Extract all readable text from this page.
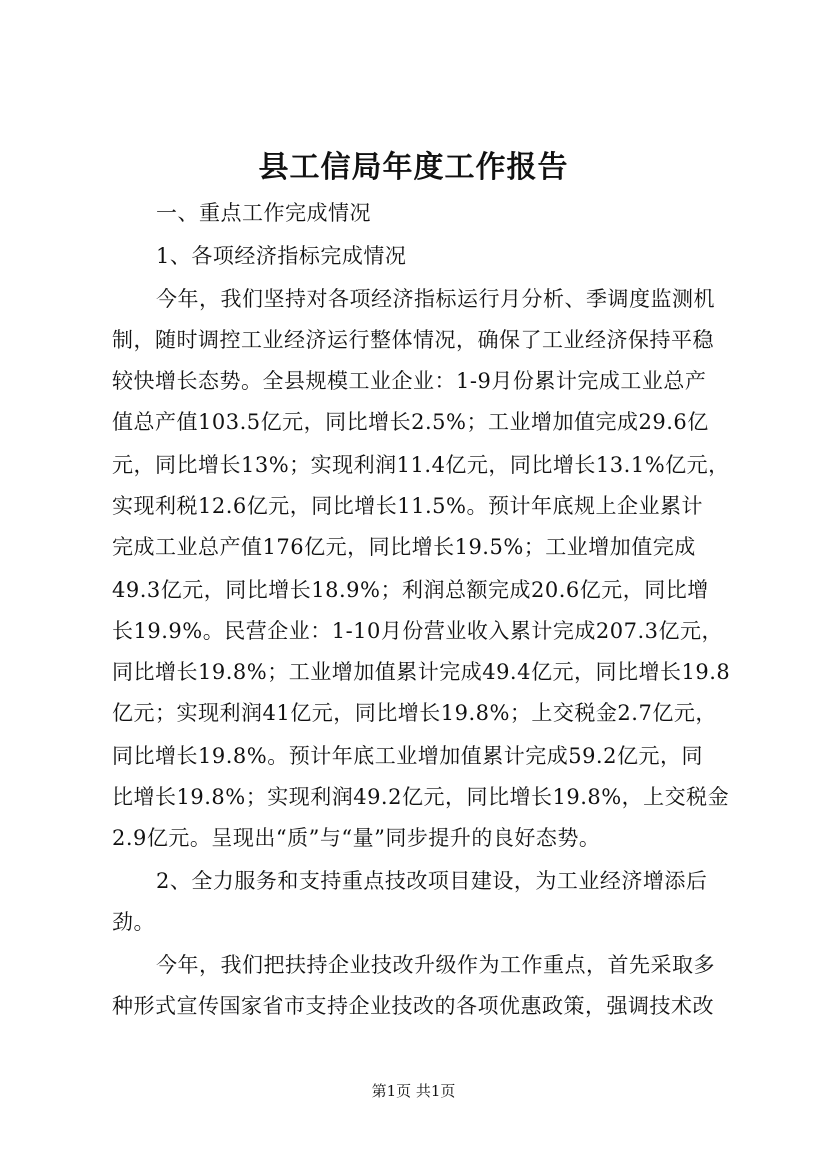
县工信局年度工作报告
一、重点工作完成情况
1、各项经济指标完成情况
今年，我们坚持对各项经济指标运行月分析、季调度监测机
制，随时调控工业经济运行整体情况，确保了工业经济保持平稳
较快增长态势。全县规模工业企业：1-9月份累计完成工业总产
值总产值103.5亿元，同比增长2.5%；工业增加值完成29.6亿
元，同比增长13%；实现利润11.4亿元，同比增长13.1%亿元，
实现利税12.6亿元，同比增长11.5%。预计年底规上企业累计
完成工业总产值176亿元，同比增长19.5%；工业增加值完成
49.3亿元，同比增长18.9%；利润总额完成20.6亿元，同比增
长19.9%。民营企业：1-10月份营业收入累计完成207.3亿元，
同比增长19.8%；工业增加值累计完成49.4亿元，同比增长19.8
亿元；实现利润41亿元，同比增长19.8%；上交税金2.7亿元，
同比增长19.8%。预计年底工业增加值累计完成59.2亿元，同
比增长19.8%；实现利润49.2亿元，同比增长19.8%，上交税金
2.9亿元。呈现出“质”与“量”同步提升的良好态势。
2、全力服务和支持重点技改项目建设，为工业经济增添后
劲。
今年，我们把扶持企业技改升级作为工作重点，首先采取多
种形式宣传国家省市支持企业技改的各项优惠政策，强调技术改
第1页 共1页
